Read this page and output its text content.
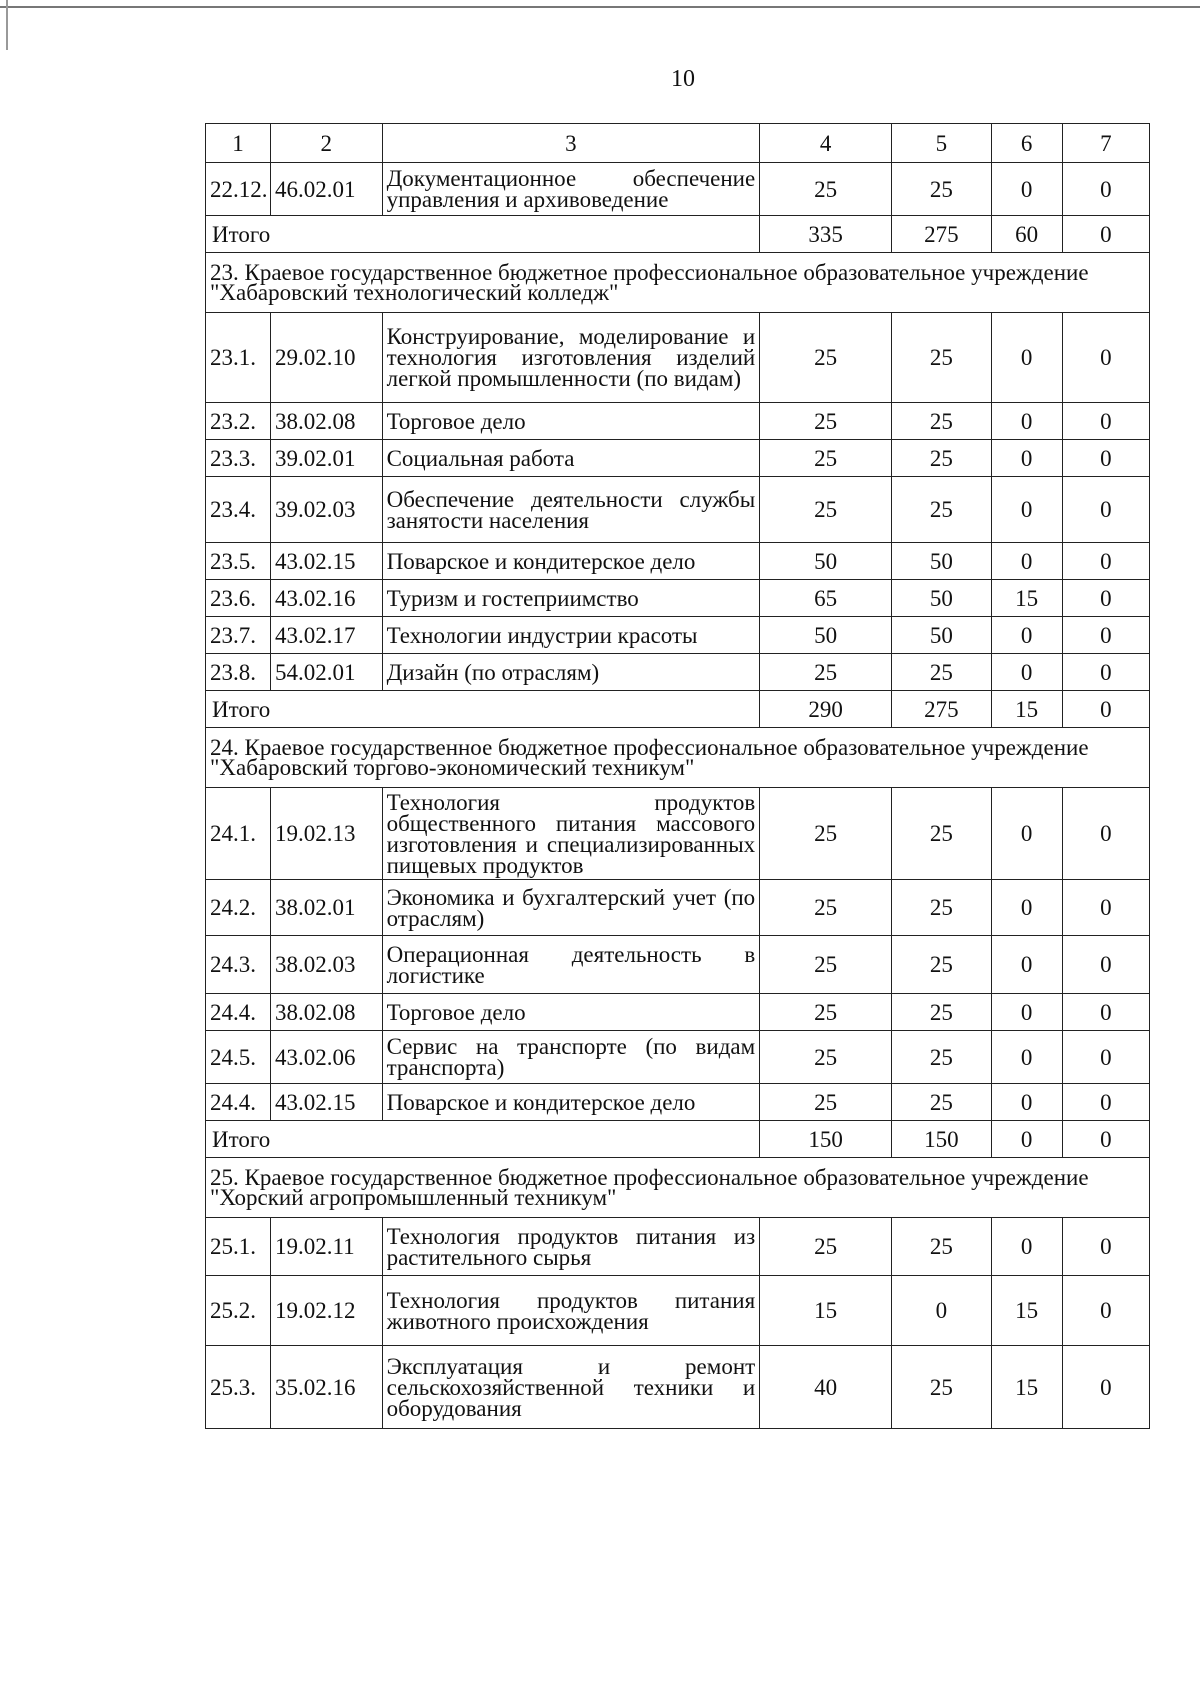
10
1	2	3	4	5	6	7
22.12.	46.02.01	Документационное обеспечение управления и архивоведение	25	25	0	0
Итого			335	275	60	0
23. Краевое государственное бюджетное профессиональное образовательное учреждение "Хабаровский технологический колледж"						
23.1.	29.02.10	Конструирование, моделирование и технология изготовления изделий легкой промышленности (по видам)	25	25	0	0
23.2.	38.02.08	Торговое дело	25	25	0	0
23.3.	39.02.01	Социальная работа	25	25	0	0
23.4.	39.02.03	Обеспечение деятельности службы занятости населения	25	25	0	0
23.5.	43.02.15	Поварское и кондитерское дело	50	50	0	0
23.6.	43.02.16	Туризм и гостеприимство	65	50	15	0
23.7.	43.02.17	Технологии индустрии красоты	50	50	0	0
23.8.	54.02.01	Дизайн (по отраслям)	25	25	0	0
Итого			290	275	15	0
24. Краевое государственное бюджетное профессиональное образовательное учреждение "Хабаровский торгово-экономический техникум"						
24.1.	19.02.13	Технология продуктов общественного питания массового изготовления и специализированных пищевых продуктов	25	25	0	0
24.2.	38.02.01	Экономика и бухгалтерский учет (по отраслям)	25	25	0	0
24.3.	38.02.03	Операционная деятельность в логистике	25	25	0	0
24.4.	38.02.08	Торговое дело	25	25	0	0
24.5.	43.02.06	Сервис на транспорте (по видам транспорта)	25	25	0	0
24.4.	43.02.15	Поварское и кондитерское дело	25	25	0	0
Итого			150	150	0	0
25. Краевое государственное бюджетное профессиональное образовательное учреждение "Хорский агропромышленный техникум"						
25.1.	19.02.11	Технология продуктов питания из растительного сырья	25	25	0	0
25.2.	19.02.12	Технология продуктов питания животного происхождения	15	0	15	0
25.3.	35.02.16	Эксплуатация и ремонт сельскохозяйственной техники и оборудования	40	25	15	0
